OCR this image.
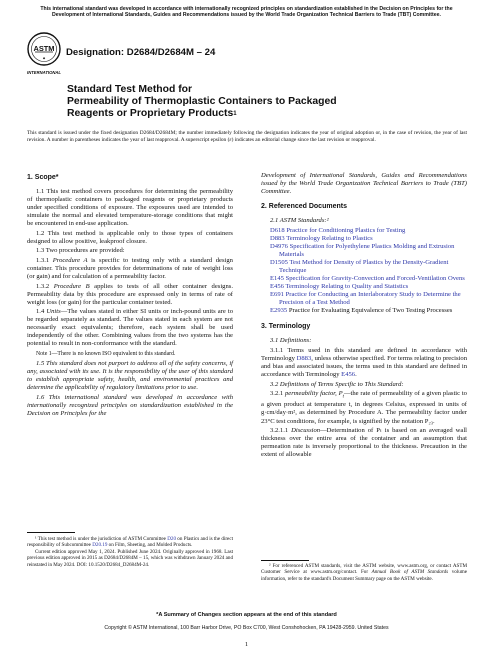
This international standard was developed in accordance with internationally recognized principles on standardization established in the Decision on Principles for the Development of International Standards, Guides and Recommendations issued by the World Trade Organization Technical Barriers to Trade (TBT) Committee.
ASTM
◆
INTERNATIONAL
Designation: D2684/D2684M – 24
Standard Test Method for
Permeability of Thermoplastic Containers to Packaged
Reagents or Proprietary Products$^1$
This standard is issued under the fixed designation D2684/D2684M; the number immediately following the designation indicates the year of original adoption or, in the case of revision, the year of last revision. A number in parentheses indicates the year of last reapproval. A superscript epsilon (ε) indicates an editorial change since the last revision or reapproval.
1. Scope*

1.1 This test method covers procedures for determining the permeability of thermoplastic containers to packaged reagents or proprietary products under specified conditions of exposure. The exposures used are intended to simulate the normal and elevated temperature-storage conditions that might be encountered in end-use application.

1.2 This test method is applicable only to those types of containers designed to allow positive, leakproof closure.

1.3 Two procedures are provided:

1.3.1 Procedure A is specific to testing only with a standard design container. This procedure provides for determinations of rate of weight loss (or gain) and for calculation of a permeability factor.

1.3.2 Procedure B applies to tests of all other container designs. Permeability data by this procedure are expressed only in terms of rate of weight loss (or gain) for the particular container tested.

1.4 Units—The values stated in either SI units or inch-pound units are to be regarded separately as standard. The values stated in each system are not necessarily exact equivalents; therefore, each system shall be used independently of the other. Combining values from the two systems has the potential to result in non-conformance with the standard.

Note 1—There is no known ISO equivalent to this standard.

1.5 This standard does not purport to address all of the safety concerns, if any, associated with its use. It is the responsibility of the user of this standard to establish appropriate safety, health, and environmental practices and determine the applicability of regulatory limitations prior to use.

1.6 This international standard was developed in accordance with internationally recognized principles on standardization established in the Decision on Principles for the

¹ This test method is under the jurisdiction of ASTM Committee D20 on Plastics and is the direct responsibility of Subcommittee D20.19 on Film, Sheeting, and Molded Products.

Current edition approved May 1, 2024. Published June 2024. Originally approved in 1968. Last previous edition approved in 2015 as D2684/D2684M – 15, which was withdrawn January 2024 and reinstated in May 2024. DOI: 10.1520/D2684_D2684M-24.

Development of International Standards, Guides and Recommendations issued by the World Trade Organization Technical Barriers to Trade (TBT) Committee.

2. Referenced Documents

2.1 ASTM Standards:²

D618 Practice for Conditioning Plastics for Testing
D883 Terminology Relating to Plastics
D4976 Specification for Polyethylene Plastics Molding and Extrusion Materials
D1505 Test Method for Density of Plastics by the Density-Gradient Technique
E145 Specification for Gravity-Convection and Forced-Ventilation Ovens
E456 Terminology Relating to Quality and Statistics
E691 Practice for Conducting an Interlaboratory Study to Determine the Precision of a Test Method
E2935 Practice for Evaluating Equivalence of Two Testing Processes
3. Terminology

3.1 Definitions:

3.1.1 Terms used in this standard are defined in accordance with Terminology D883, unless otherwise specified. For terms relating to precision and bias and associated issues, the terms used in this standard are defined in accordance with Terminology E456.

3.2 Definitions of Terms Specific to This Standard:

3.2.1 permeability factor, $P_t—the$ rate of permeability of a given plastic to a given product at temperature t, in degrees Celsius, expressed in units of g·cm/day·m², as determined by Procedure A. The permeability factor under 23°C test conditions, for example, is signified by the notation P₂₃.

3.2.1.1 Discussion—Determination of Pₜ is based on an averaged wall thickness over the entire area of the container and an assumption that permeation rate is inversely proportional to the thickness. Precaution in the extent of allowable

² For referenced ASTM standards, visit the ASTM website, www.astm.org, or contact ASTM Customer Service at www.astm.org/contact. For Annual Book of ASTM Standards volume information, refer to the standard's Document Summary page on the ASTM website.

*A Summary of Changes section appears at the end of this standard
Copyright © ASTM International, 100 Barr Harbor Drive, PO Box C700, West Conshohocken, PA 19428-2959. United States
1
